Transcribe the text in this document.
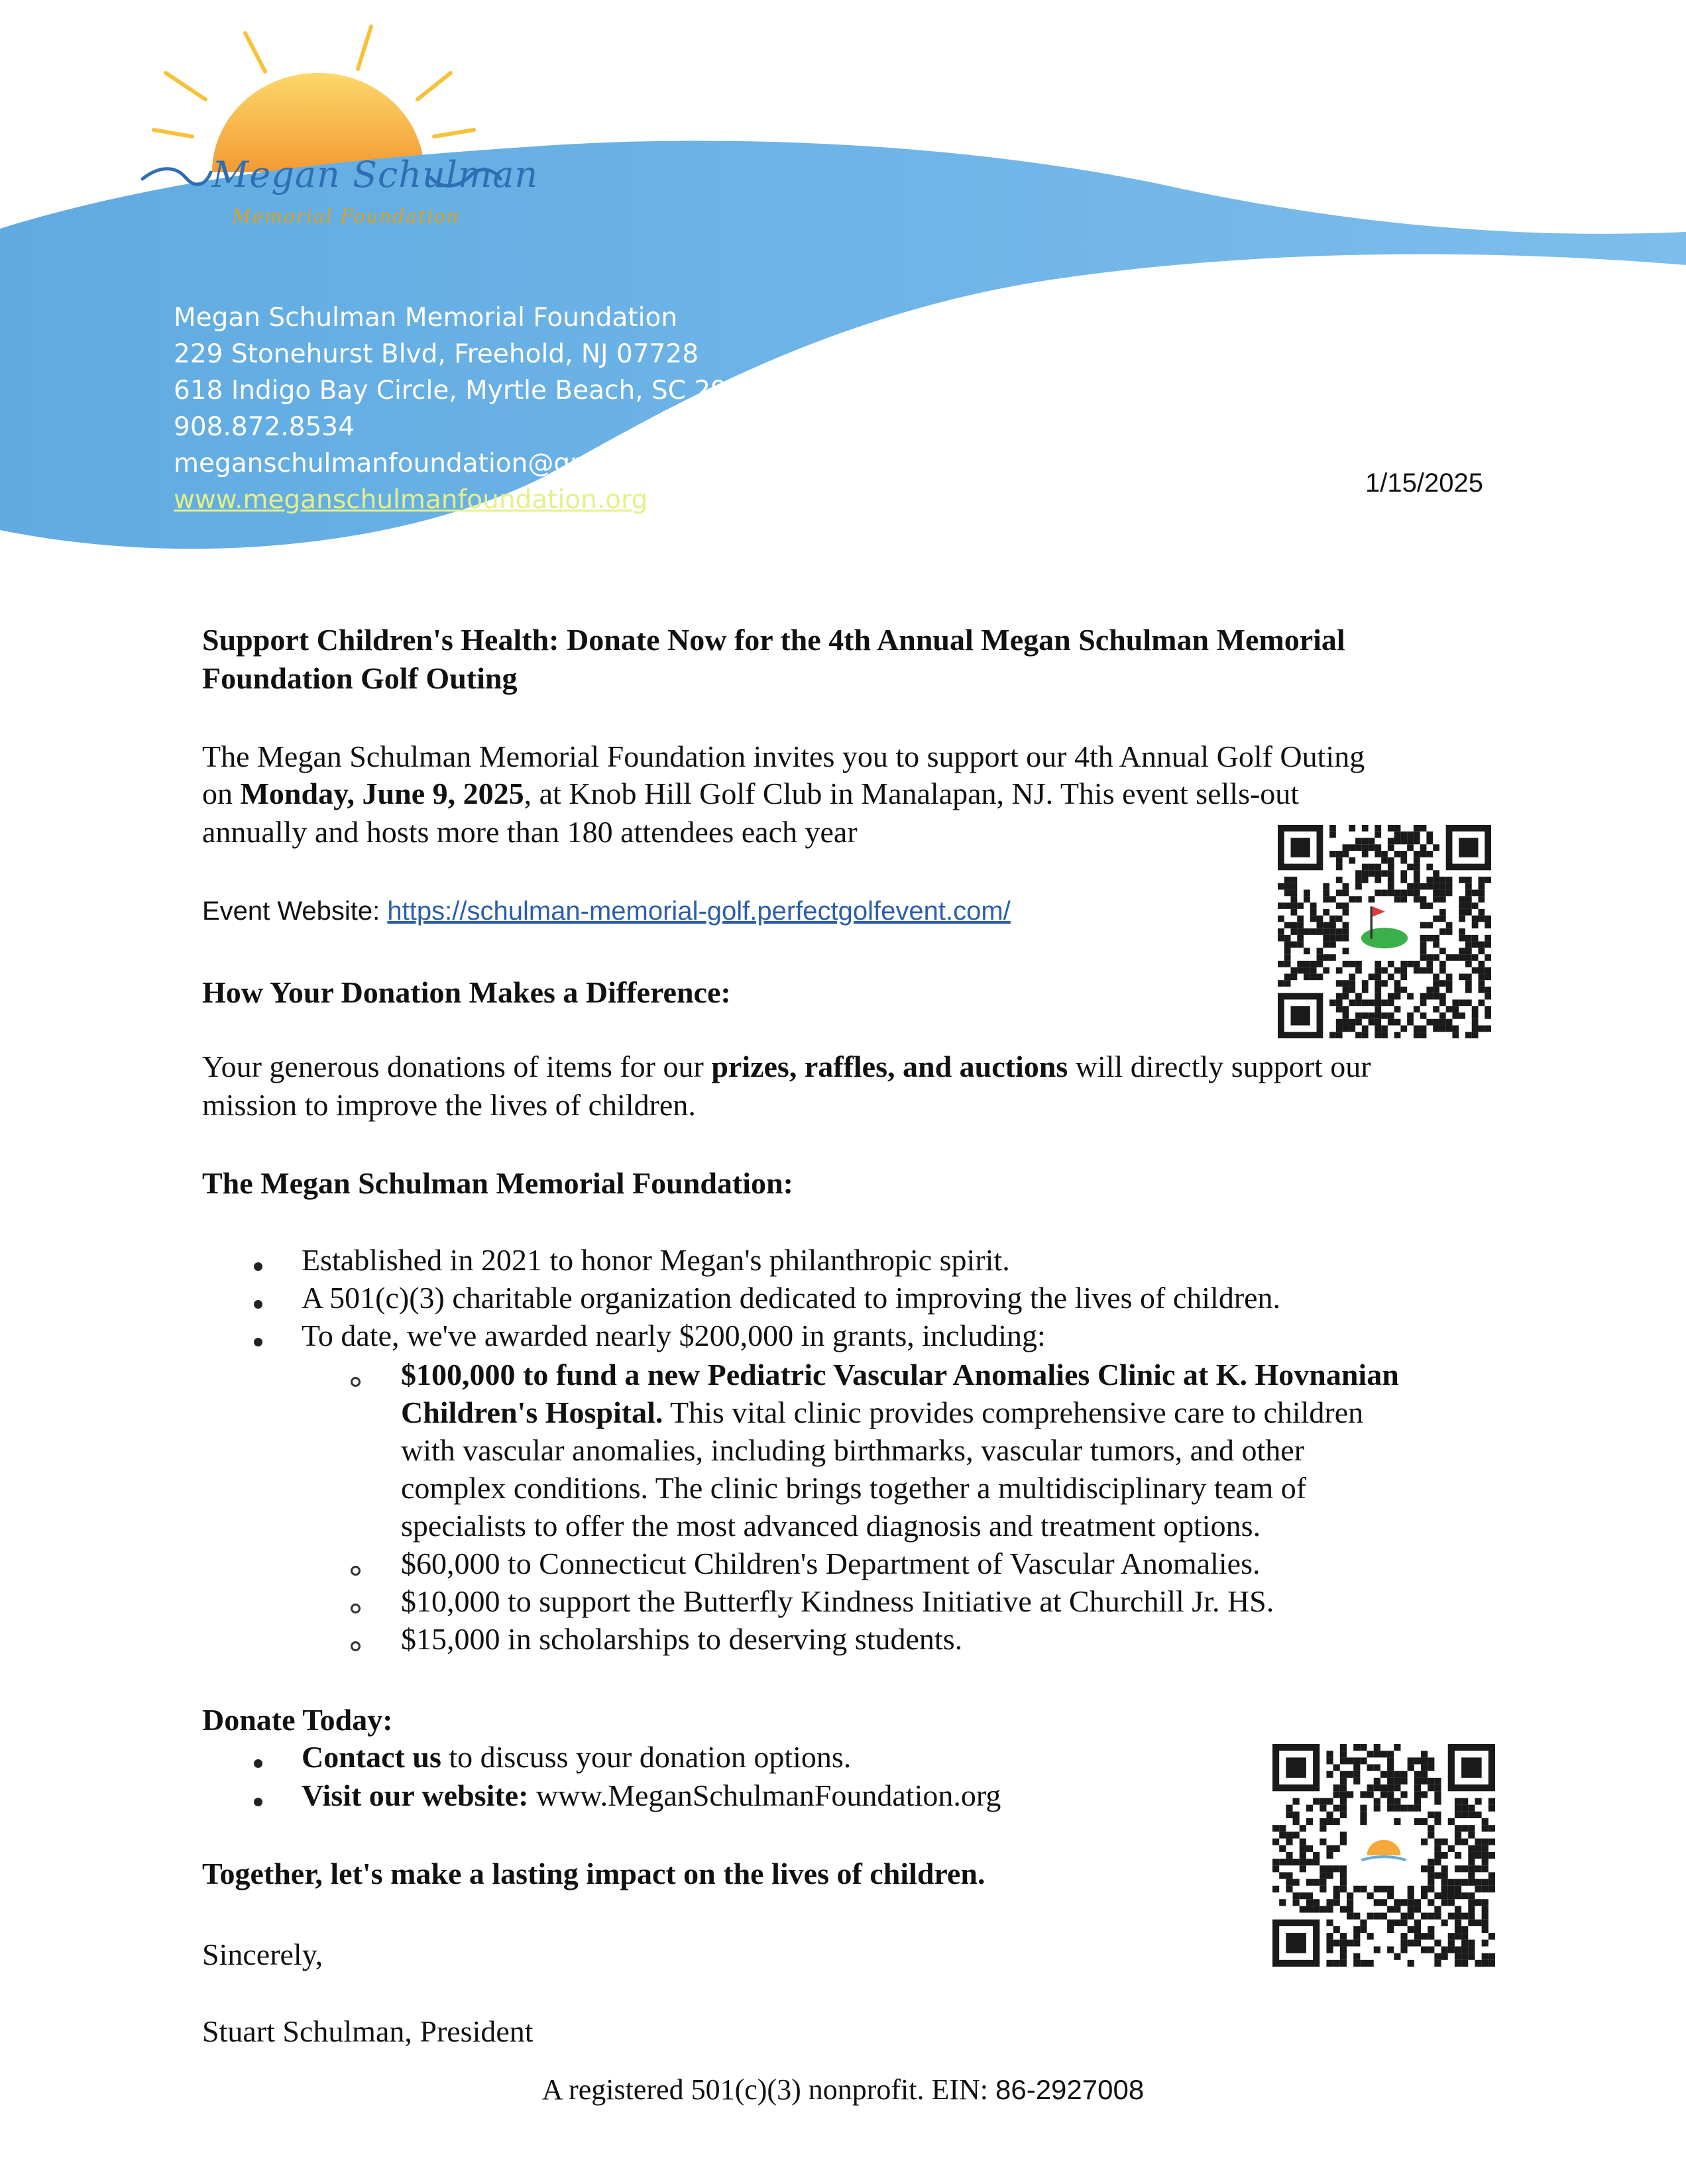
Megan Schulman
Memorial Foundation
Megan Schulman Memorial Foundation
229 Stonehurst Blvd, Freehold, NJ 07728
618 Indigo Bay Circle, Myrtle Beach, SC 29579
908.872.8534
meganschulmanfoundation@gmail.com
www.meganschulmanfoundation.org
1/15/2025
Support Children's Health: Donate Now for the 4th Annual Megan Schulman Memorial
Foundation Golf Outing
The Megan Schulman Memorial Foundation invites you to support our 4th Annual Golf Outing
on Monday, June 9, 2025, at Knob Hill Golf Club in Manalapan, NJ. This event sells-out
annually and hosts more than 180 attendees each year
Event Website: https://schulman-memorial-golf.perfectgolfevent.com/
How Your Donation Makes a Difference:
Your generous donations of items for our prizes, raffles, and auctions will directly support our
mission to improve the lives of children.
The Megan Schulman Memorial Foundation:
Established in 2021 to honor Megan's philanthropic spirit.
A 501(c)(3) charitable organization dedicated to improving the lives of children.
To date, we've awarded nearly $200,000 in grants, including:
$100,000 to fund a new Pediatric Vascular Anomalies Clinic at K. Hovnanian
Children's Hospital. This vital clinic provides comprehensive care to children
with vascular anomalies, including birthmarks, vascular tumors, and other
complex conditions. The clinic brings together a multidisciplinary team of
specialists to offer the most advanced diagnosis and treatment options.
$60,000 to Connecticut Children's Department of Vascular Anomalies.
$10,000 to support the Butterfly Kindness Initiative at Churchill Jr. HS.
$15,000 in scholarships to deserving students.
Donate Today:
Contact us to discuss your donation options.
Visit our website: www.MeganSchulmanFoundation.org
Together, let's make a lasting impact on the lives of children.
Sincerely,
Stuart Schulman, President
A registered 501(c)(3) nonprofit. EIN: 86-2927008
